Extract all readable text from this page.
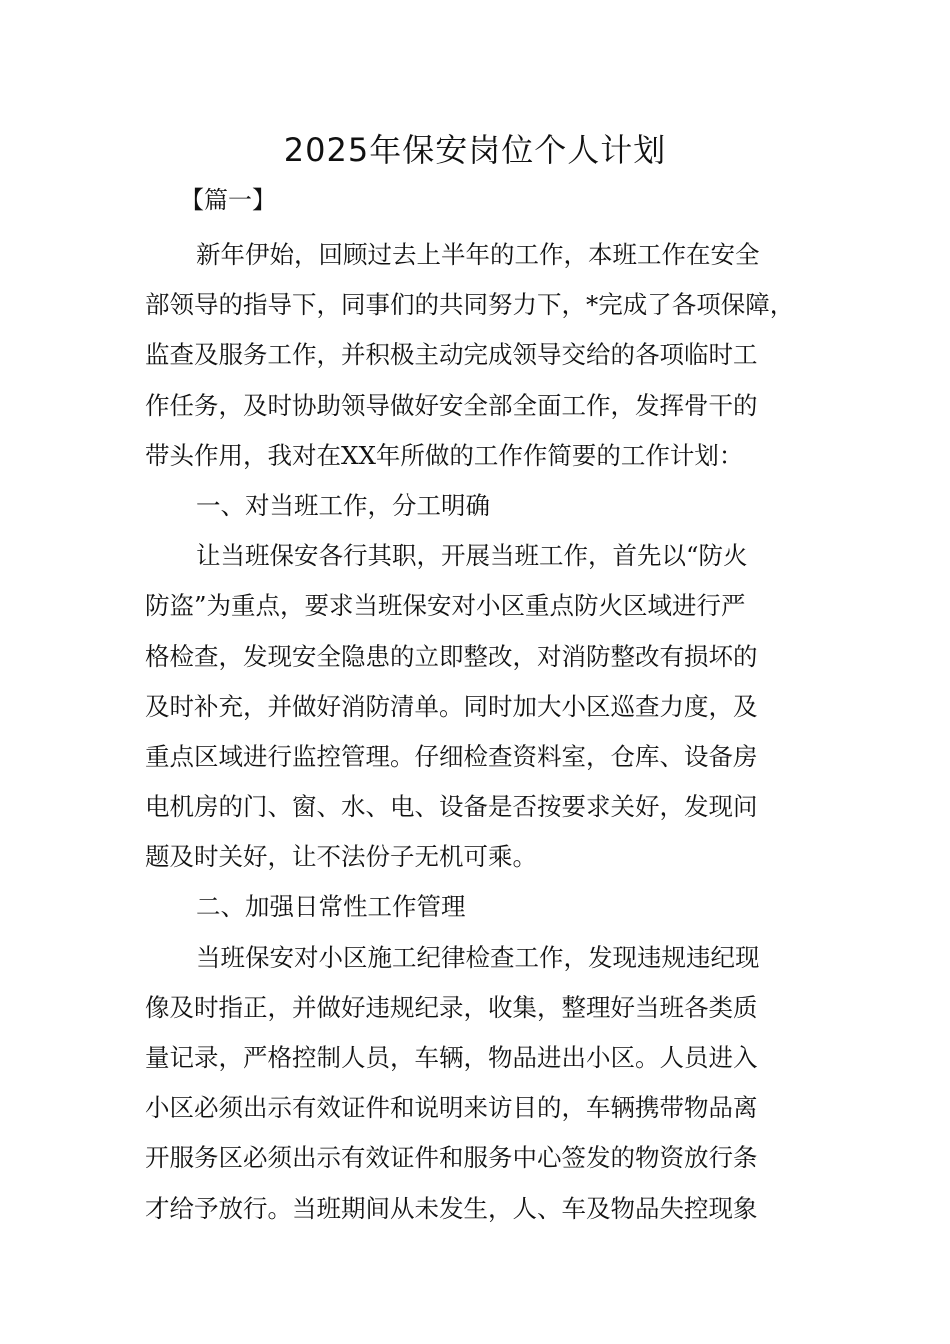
2025年保安岗位个人计划
【篇一】
新年伊始，回顾过去上半年的工作，本班工作在安全
部领导的指导下，同事们的共同努力下，*完成了各项保障，
监查及服务工作，并积极主动完成领导交给的各项临时工
作任务，及时协助领导做好安全部全面工作，发挥骨干的
带头作用，我对在XX年所做的工作作简要的工作计划：
一、对当班工作，分工明确
让当班保安各行其职，开展当班工作，首先以“防火
防盗”为重点，要求当班保安对小区重点防火区域进行严
格检查，发现安全隐患的立即整改，对消防整改有损坏的
及时补充，并做好消防清单。同时加大小区巡查力度，及
重点区域进行监控管理。仔细检查资料室，仓库、设备房
电机房的门、窗、水、电、设备是否按要求关好，发现问
题及时关好，让不法份子无机可乘。
二、加强日常性工作管理
当班保安对小区施工纪律检查工作，发现违规违纪现
像及时指正，并做好违规纪录，收集，整理好当班各类质
量记录，严格控制人员，车辆，物品进出小区。人员进入
小区必须出示有效证件和说明来访目的，车辆携带物品离
开服务区必须出示有效证件和服务中心签发的物资放行条
才给予放行。当班期间从未发生，人、车及物品失控现象
